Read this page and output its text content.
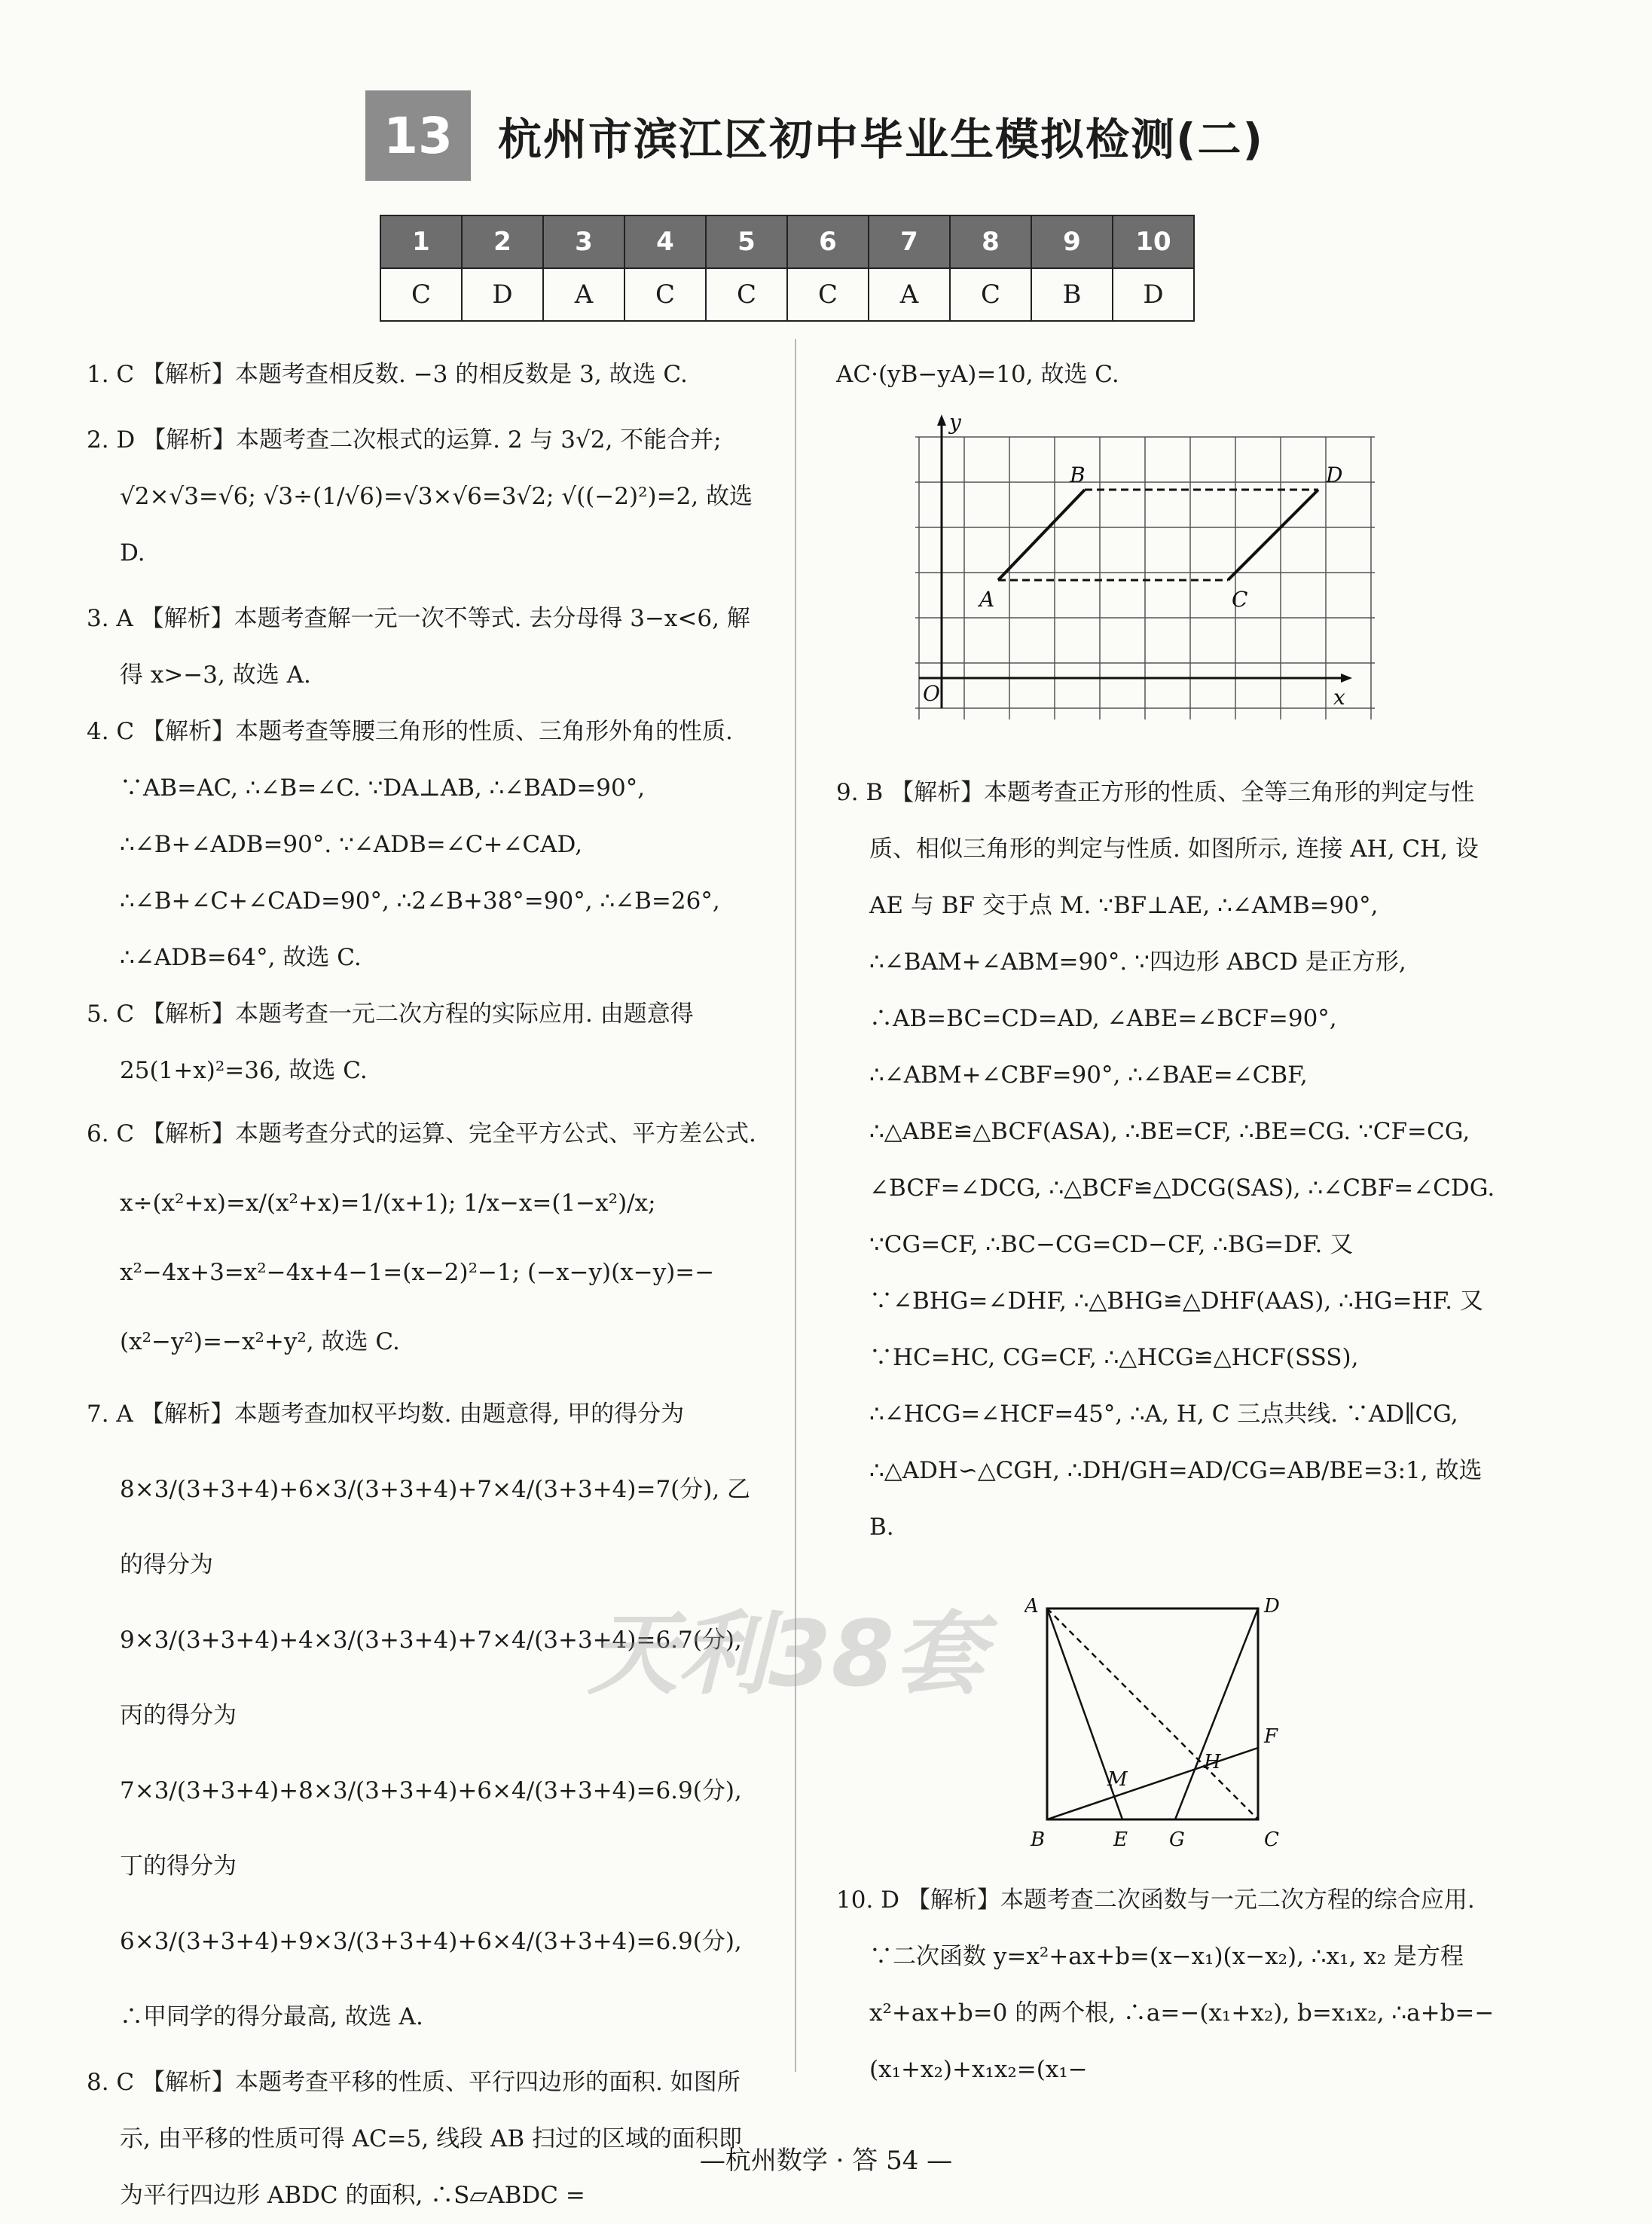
13	杭州市滨江区初中毕业生模拟检测(二)
1	2	3	4	5	6	7	8	9	10
C	D	A	C	C	C	A	C	B	D

1. C 【解析】本题考查相反数. −3 的相反数是 3, 故选 C.

2. D 【解析】本题考查二次根式的运算. 2 与 3√2, 不能合并; √2×√3=√6; √3÷(1/√6)=√3×√6=3√2; √((−2)²)=2, 故选 D.

3. A 【解析】本题考查解一元一次不等式. 去分母得 3−x<6, 解得 x>−3, 故选 A.

4. C 【解析】本题考查等腰三角形的性质、三角形外角的性质. ∵AB=AC, ∴∠B=∠C. ∵DA⊥AB, ∴∠BAD=90°, ∴∠B+∠ADB=90°. ∵∠ADB=∠C+∠CAD, ∴∠B+∠C+∠CAD=90°, ∴2∠B+38°=90°, ∴∠B=26°, ∴∠ADB=64°, 故选 C.

5. C 【解析】本题考查一元二次方程的实际应用. 由题意得 25(1+x)²=36, 故选 C.

6. C 【解析】本题考查分式的运算、完全平方公式、平方差公式. x÷(x²+x)=x/(x²+x)=1/(x+1); 1/x−x=(1−x²)/x; x²−4x+3=x²−4x+4−1=(x−2)²−1; (−x−y)(x−y)=−(x²−y²)=−x²+y², 故选 C.

7. A 【解析】本题考查加权平均数. 由题意得, 甲的得分为 8×3/(3+3+4)+6×3/(3+3+4)+7×4/(3+3+4)=7(分), 乙的得分为 9×3/(3+3+4)+4×3/(3+3+4)+7×4/(3+3+4)=6.7(分), 丙的得分为 7×3/(3+3+4)+8×3/(3+3+4)+6×4/(3+3+4)=6.9(分), 丁的得分为 6×3/(3+3+4)+9×3/(3+3+4)+6×4/(3+3+4)=6.9(分), ∴甲同学的得分最高, 故选 A.

8. C 【解析】本题考查平移的性质、平行四边形的面积. 如图所示, 由平移的性质可得 AC=5, 线段 AB 扫过的区域的面积即为平行四边形 ABDC 的面积, ∴S▱ABDC =

AC·(yB−yA)=10, 故选 C.

9. B 【解析】本题考查正方形的性质、全等三角形的判定与性质、相似三角形的判定与性质. 如图所示, 连接 AH, CH, 设 AE 与 BF 交于点 M. ∵BF⊥AE, ∴∠AMB=90°, ∴∠BAM+∠ABM=90°. ∵四边形 ABCD 是正方形, ∴AB=BC=CD=AD, ∠ABE=∠BCF=90°, ∴∠ABM+∠CBF=90°, ∴∠BAE=∠CBF, ∴△ABE≌△BCF(ASA), ∴BE=CF, ∴BE=CG. ∵CF=CG, ∠BCF=∠DCG, ∴△BCF≌△DCG(SAS), ∴∠CBF=∠CDG. ∵CG=CF, ∴BC−CG=CD−CF, ∴BG=DF. 又∵∠BHG=∠DHF, ∴△BHG≌△DHF(AAS), ∴HG=HF. 又∵HC=HC, CG=CF, ∴△HCG≌△HCF(SSS), ∴∠HCG=∠HCF=45°, ∴A, H, C 三点共线. ∵AD∥CG, ∴△ADH∽△CGH, ∴DH/GH=AD/CG=AB/BE=3:1, 故选 B.

10. D 【解析】本题考查二次函数与一元二次方程的综合应用. ∵二次函数 y=x²+ax+b=(x−x₁)(x−x₂), ∴x₁, x₂ 是方程 x²+ax+b=0 的两个根, ∴a=−(x₁+x₂), b=x₁x₂, ∴a+b=−(x₁+x₂)+x₁x₂=(x₁−

y
x
O
A
B
C
D
A	D
B	C
E G
F
H
M
天利38套
—杭州数学 · 答 54 —
